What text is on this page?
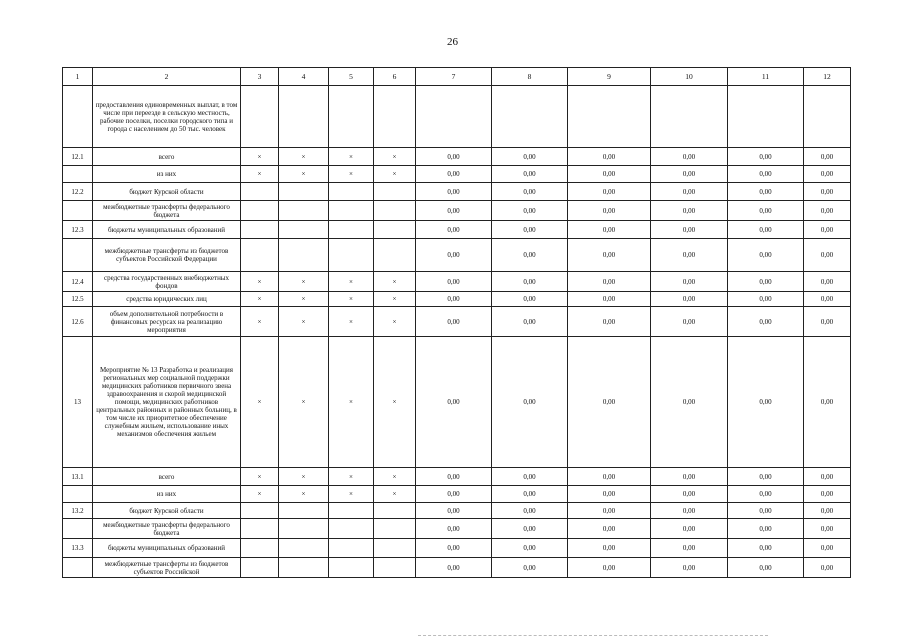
26
1	2	3	4	5	6	7	8	9	10	11	12
	предоставления единовременных выплат, в том числе при переезде в сельскую местность, рабочие поселки, поселки городского типа и города с населением до 50 тыс. человек										
12.1	всего	×	×	×	×	0,00	0,00	0,00	0,00	0,00	0,00
	из них	×	×	×	×	0,00	0,00	0,00	0,00	0,00	0,00
12.2	бюджет Курской области					0,00	0,00	0,00	0,00	0,00	0,00
	межбюджетные трансферты федерального бюджета					0,00	0,00	0,00	0,00	0,00	0,00
12.3	бюджеты муниципальных образований					0,00	0,00	0,00	0,00	0,00	0,00
	межбюджетные трансферты из бюджетов субъектов Российской Федерации					0,00	0,00	0,00	0,00	0,00	0,00
12.4	средства государственных внебюджетных фондов	×	×	×	×	0,00	0,00	0,00	0,00	0,00	0,00
12.5	средства юридических лиц	×	×	×	×	0,00	0,00	0,00	0,00	0,00	0,00
12.6	объем дополнительной потребности в финансовых ресурсах на реализацию мероприятия	×	×	×	×	0,00	0,00	0,00	0,00	0,00	0,00
13	Мероприятие № 13 Разработка и реализация региональных мер социальной поддержки медицинских работников первичного звена здравоохранения и скорой медицинской помощи, медицинских работников центральных районных и районных больниц, в том числе их приоритетное обеспечение служебным жильем, использование иных механизмов обеспечения жильем	×	×	×	×	0,00	0,00	0,00	0,00	0,00	0,00
13.1	всего	×	×	×	×	0,00	0,00	0,00	0,00	0,00	0,00
	из них	×	×	×	×	0,00	0,00	0,00	0,00	0,00	0,00
13.2	бюджет Курской области					0,00	0,00	0,00	0,00	0,00	0,00
	межбюджетные трансферты федерального бюджета					0,00	0,00	0,00	0,00	0,00	0,00
13.3	бюджеты муниципальных образований					0,00	0,00	0,00	0,00	0,00	0,00
	межбюджетные трансферты из бюджетов субъектов Российской					0,00	0,00	0,00	0,00	0,00	0,00
